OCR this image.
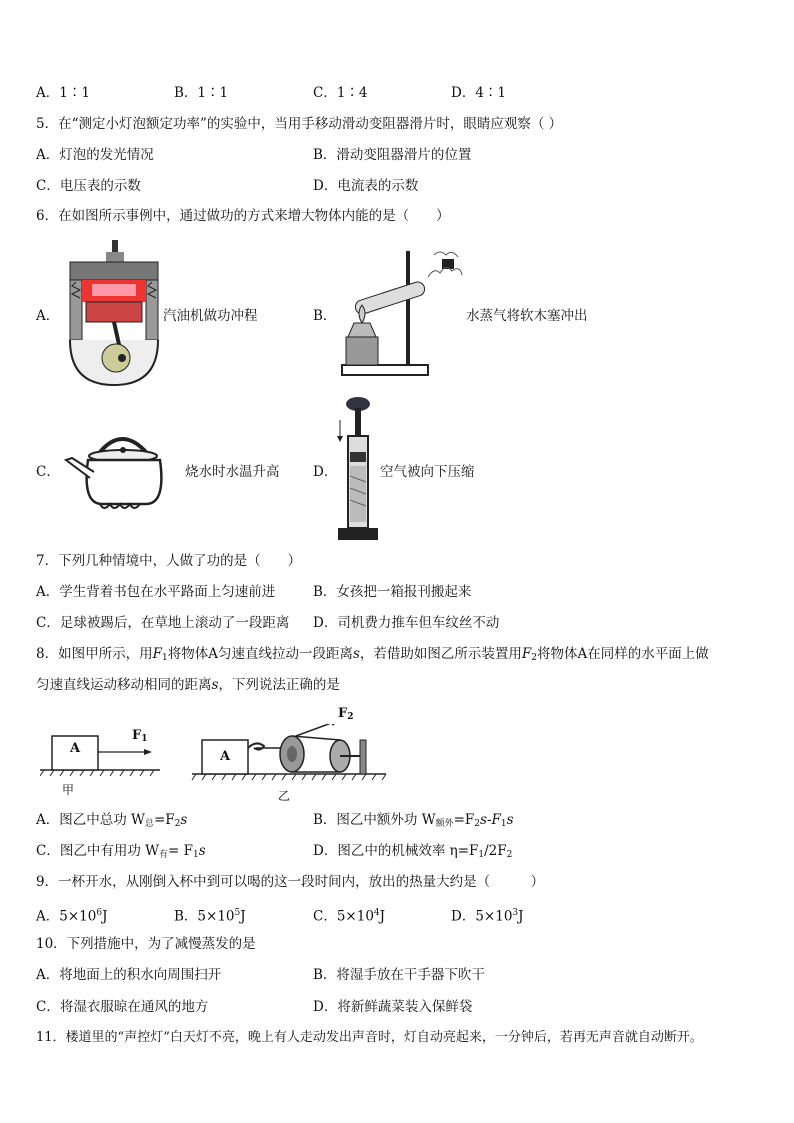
A．1∶1	B．1∶1	C．1∶4	D．4∶1
5．在“测定小灯泡额定功率”的实验中，当用手移动滑动变阻器滑片时，眼睛应观察（ ）
A．灯泡的发光情况	B．滑动变阻器滑片的位置
C．电压表的示数	D．电流表的示数
6．在如图所示事例中，通过做功的方式来增大物体内能的是（　　）
A．	汽油机做功冲程	B．	水蒸气将软木塞冲出
C．	烧水时水温升高 D．	空气被向下压缩
7．下列几种情境中，人做了功的是（　　）
A．学生背着书包在水平路面上匀速前进	B．女孩把一箱报刊搬起来
C．足球被踢后，在草地上滚动了一段距离 D．司机费力推车但车纹丝不动
8．如图甲所示，用$F_1$将物体A匀速直线拉动一段距离s，若借助如图乙所示装置用$F_2$将物体A在同样的水平面上做
匀速直线运动移动相同的距离s，下列说法正确的是
A
A
$F_1$
$F_2$
甲	乙
A．图乙中总功 $W_总=F_2s$	B．图乙中额外功 $W_{额外}=F_2s-F_1s$
C．图乙中有用功 $W_有= F_1s$	D．图乙中的机械效率 $\eta=F_1/2F_2$
9．一杯开水，从刚倒入杯中到可以喝的这一段时间内，放出的热量大约是（　　　）
A．$5\times 10^6J$	B．$5\times 10^5J$	C．$5\times 10^4J$	D．$5\times 10^3J$
10．下列措施中，为了减慢蒸发的是
A．将地面上的积水向周围扫开	B．将湿手放在干手器下吹干
C．将湿衣服晾在通风的地方	D．将新鲜蔬菜装入保鲜袋
11．楼道里的“声控灯”白天灯不亮，晚上有人走动发出声音时，灯自动亮起来，一分钟后，若再无声音就自动断开。
